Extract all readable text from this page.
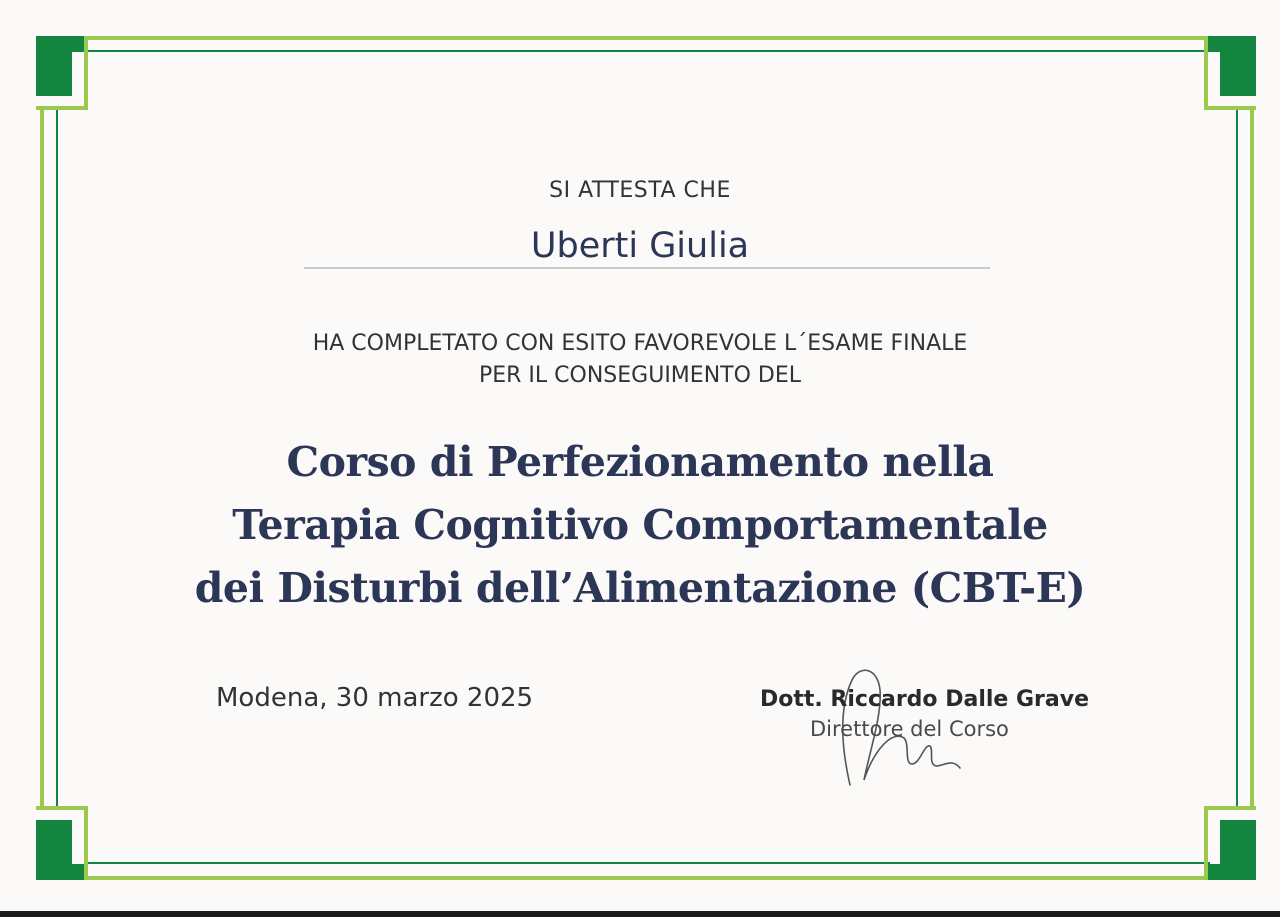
SI ATTESTA CHE
Uberti Giulia
HA COMPLETATO CON ESITO FAVOREVOLE L´ESAME FINALE
PER IL CONSEGUIMENTO DEL
Corso di Perfezionamento nella
Terapia Cognitivo Comportamentale
dei Disturbi dell’Alimentazione (CBT-E)
Modena, 30 marzo 2025	Dott. Riccardo Dalle Grave
Direttore del Corso
